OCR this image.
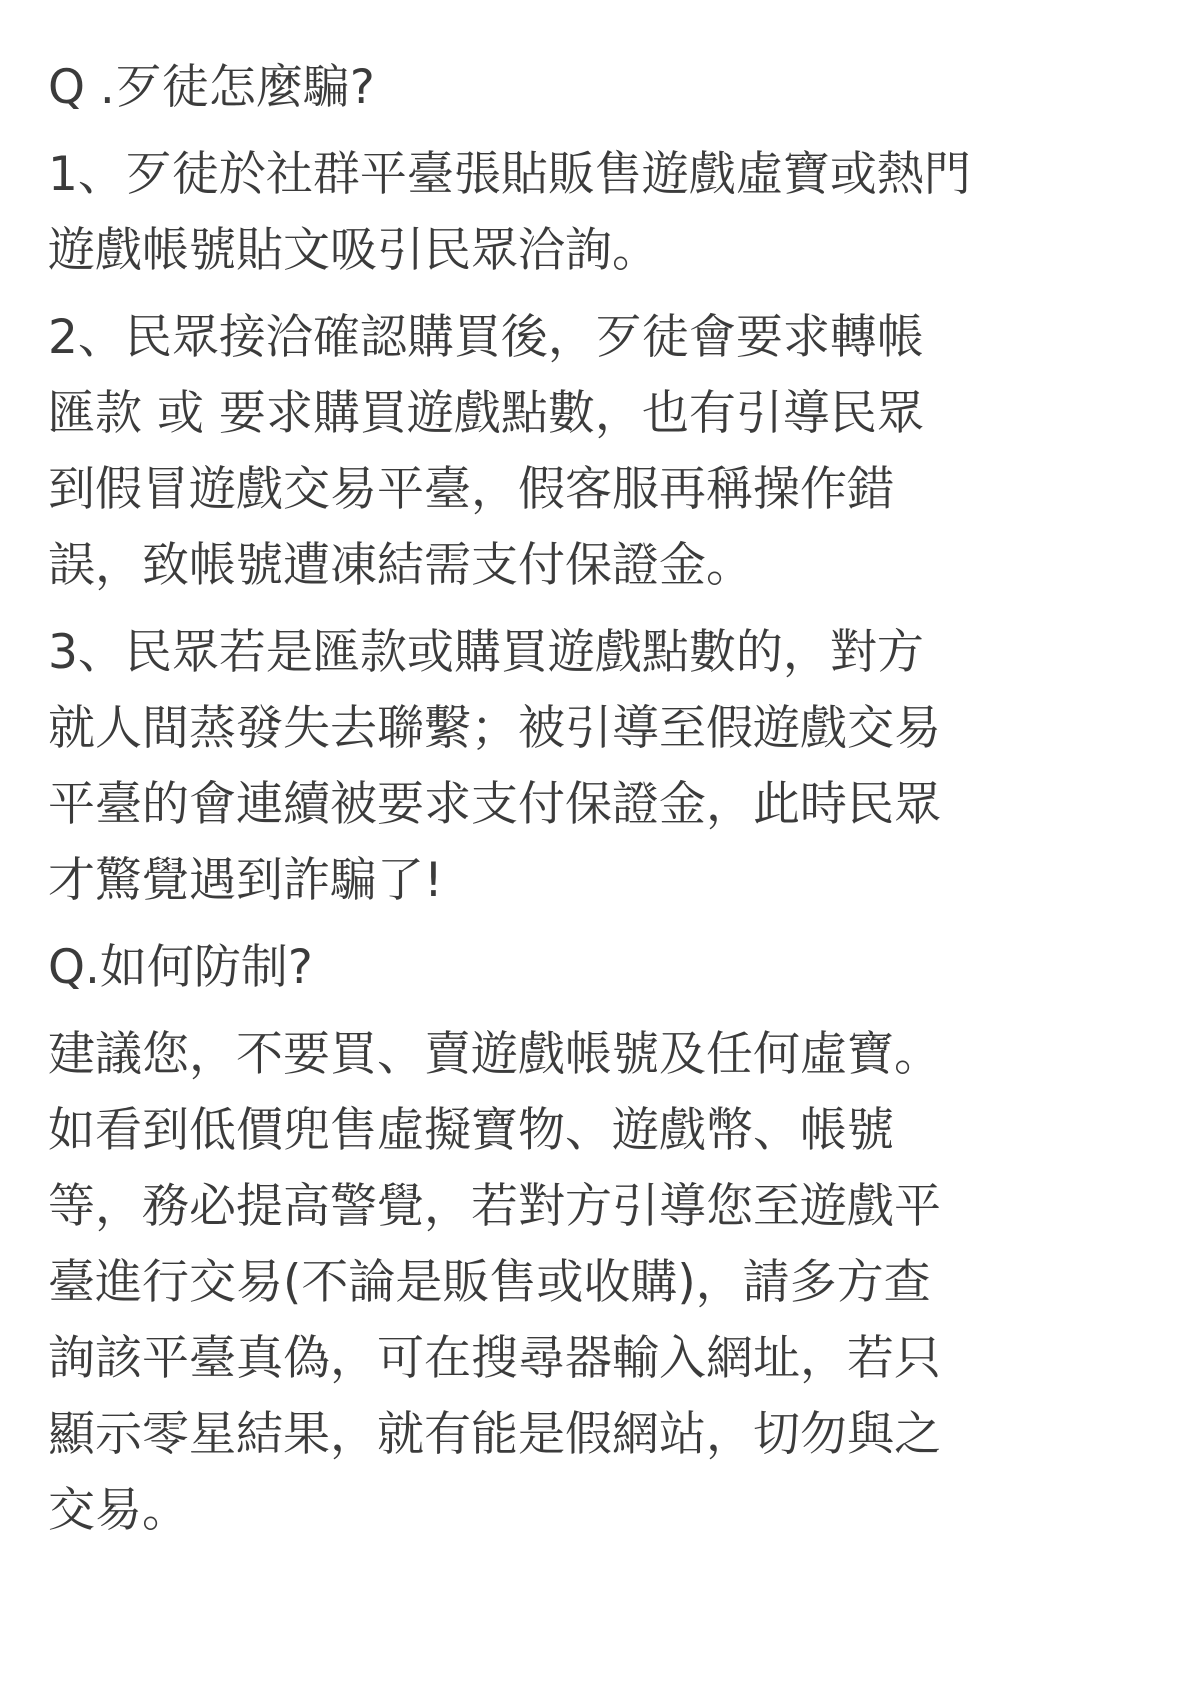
Q .歹徒怎麼騙?
1、歹徒於社群平臺張貼販售遊戲虛寶或熱門
遊戲帳號貼文吸引民眾洽詢。
2、民眾接洽確認購買後，歹徒會要求轉帳
匯款 或 要求購買遊戲點數，也有引導民眾
到假冒遊戲交易平臺，假客服再稱操作錯
誤，致帳號遭凍結需支付保證金。
3、民眾若是匯款或購買遊戲點數的，對方
就人間蒸發失去聯繫；被引導至假遊戲交易
平臺的會連續被要求支付保證金，此時民眾
才驚覺遇到詐騙了!
Q.如何防制?
建議您，不要買、賣遊戲帳號及任何虛寶。
如看到低價兜售虛擬寶物、遊戲幣、帳號
等，務必提高警覺，若對方引導您至遊戲平
臺進行交易(不論是販售或收購)，請多方查
詢該平臺真偽，可在搜尋器輸入網址，若只
顯示零星結果，就有能是假網站，切勿與之
交易。
